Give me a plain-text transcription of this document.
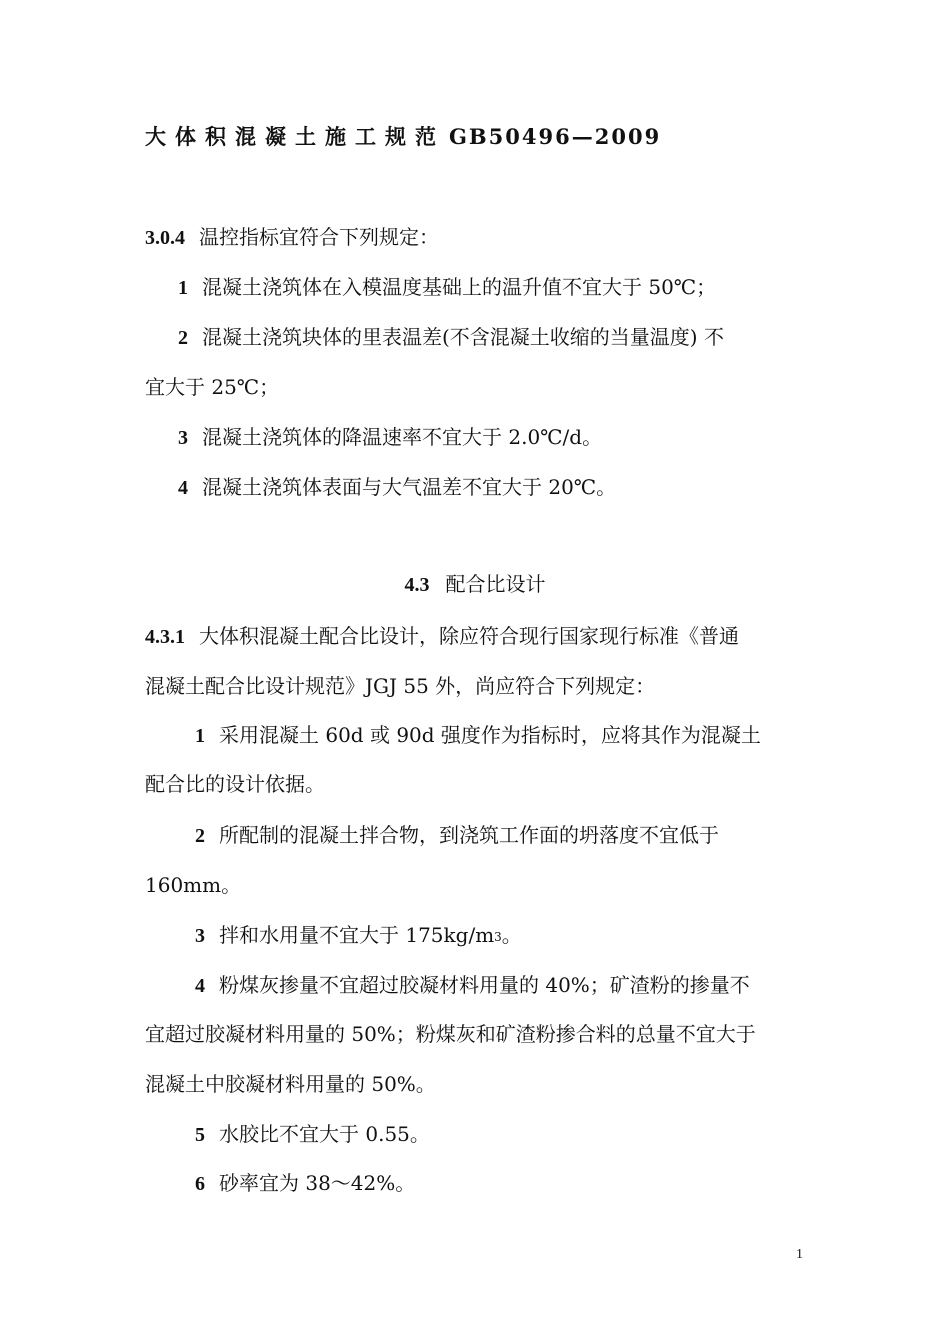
大体积混凝土施工规范 GB50496—2009
3.0.4 温控指标宜符合下列规定：
1 混凝土浇筑体在入模温度基础上的温升值不宜大于 50℃；
2 混凝土浇筑块体的里表温差(不含混凝土收缩的当量温度) 不
宜大于 25℃；
3 混凝土浇筑体的降温速率不宜大于 2.0℃/d。
4 混凝土浇筑体表面与大气温差不宜大于 20℃。
4.3 配合比设计
4.3.1 大体积混凝土配合比设计，除应符合现行国家现行标准《普通
混凝土配合比设计规范》JGJ 55 外，尚应符合下列规定：
1 采用混凝土 60d 或 90d 强度作为指标时，应将其作为混凝土
配合比的设计依据。
2 所配制的混凝土拌合物，到浇筑工作面的坍落度不宜低于
160mm。
3 拌和水用量不宜大于 175kg/m3。
4 粉煤灰掺量不宜超过胶凝材料用量的 40%；矿渣粉的掺量不
宜超过胶凝材料用量的 50%；粉煤灰和矿渣粉掺合料的总量不宜大于
混凝土中胶凝材料用量的 50%。
5 水胶比不宜大于 0.55。
6 砂率宜为 38～42%。
1
